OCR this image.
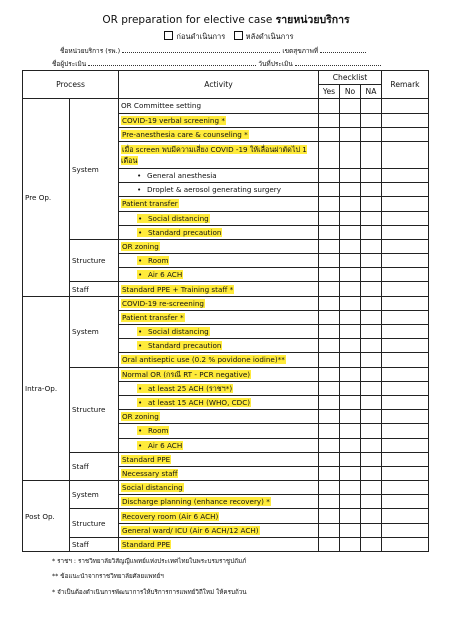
OR preparation for elective case รายหน่วยบริการ
ก่อนดำเนินการ	หลังดำเนินการ
ชื่อหน่วยบริการ (รพ.)	เขตสุขภาพที่
ชื่อผู้ประเมิน	วันที่ประเมิน
Process		Activity	Checklist			Remark
			Yes	No	NA	
Pre Op.	System	OR Committee setting				
		COVID-19 verbal screening *				
		Pre-anesthesia care & counseling *				
		เมื่อ screen พบมีความเสี่ยง COVID -19 ให้เลื่อนผ่าตัดไป 1 เดือน				
		• General anesthesia				
		• Droplet & aerosol generating surgery				
		Patient transfer				
		• Social distancing				
		• Standard precaution				
	Structure	OR zoning				
		• Room				
		• Air 6 ACH				
	Staff	Standard PPE + Training staff *				
Intra-Op.	System	COVID-19 re-screening				
		Patient transfer *				
		• Social distancing				
		• Standard precaution				
		Oral antiseptic use (0.2 % povidone iodine)**				
	Structure	Normal OR (กรณี RT - PCR negative)				
		• at least 25 ACH (ราชฯ*)				
		• at least 15 ACH (WHO, CDC)				
		OR zoning				
		• Room				
		• Air 6 ACH				
	Staff	Standard PPE				
		Necessary staff				
Post Op.	System	Social distancing				
		Discharge planning (enhance recovery) *				
	Structure	Recovery room (Air 6 ACH)				
		General ward/ ICU (Air 6 ACH/12 ACH)				
	Staff	Standard PPE				
* ราชฯ : ราชวิทยาลัยวิสัญญีแพทย์แห่งประเทศไทยในพระบรมราชูปถัมภ์
** ข้อแนะนำจากราชวิทยาลัยศัลยแพทย์ฯ
* จำเป็นต้องดำเนินการพัฒนาการให้บริการการแพทย์วิถีใหม่ ให้ครบถ้วน
